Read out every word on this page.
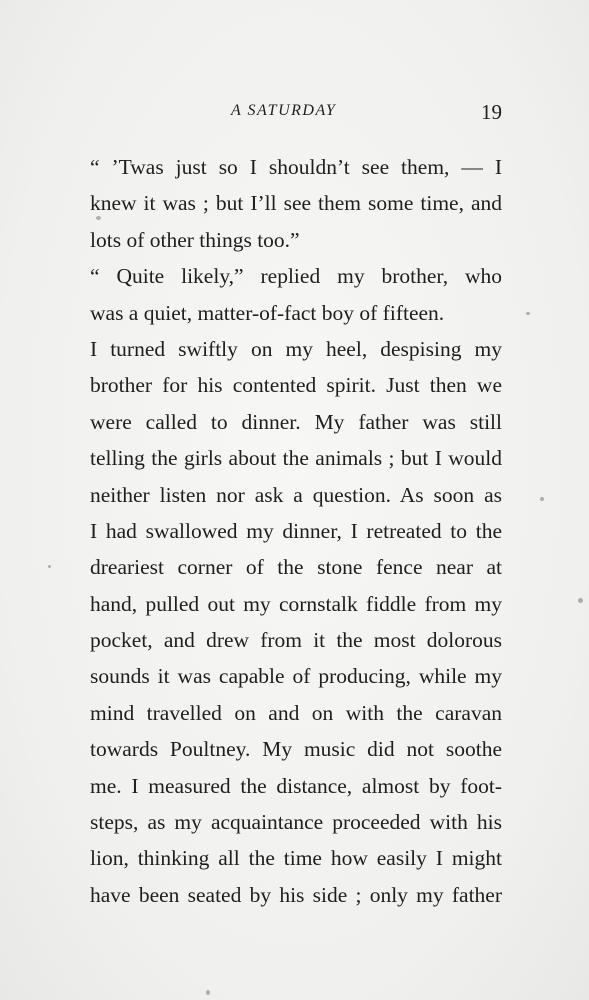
A SATURDAY	19
“ ’Twas just so I shouldn’t see them, — I
knew it was ; but I’ll see them some time, and
lots of other things too.”
“ Quite likely,” replied my brother, who
was a quiet, matter-of-fact boy of fifteen.
I turned swiftly on my heel, despising my
brother for his contented spirit. Just then we
were called to dinner. My father was still
telling the girls about the animals ; but I would
neither listen nor ask a question. As soon as
I had swallowed my dinner, I retreated to the
dreariest corner of the stone fence near at
hand, pulled out my cornstalk fiddle from my
pocket, and drew from it the most dolorous
sounds it was capable of producing, while my
mind travelled on and on with the caravan
towards Poultney. My music did not soothe
me. I measured the distance, almost by foot-
steps, as my acquaintance proceeded with his
lion, thinking all the time how easily I might
have been seated by his side ; only my father
